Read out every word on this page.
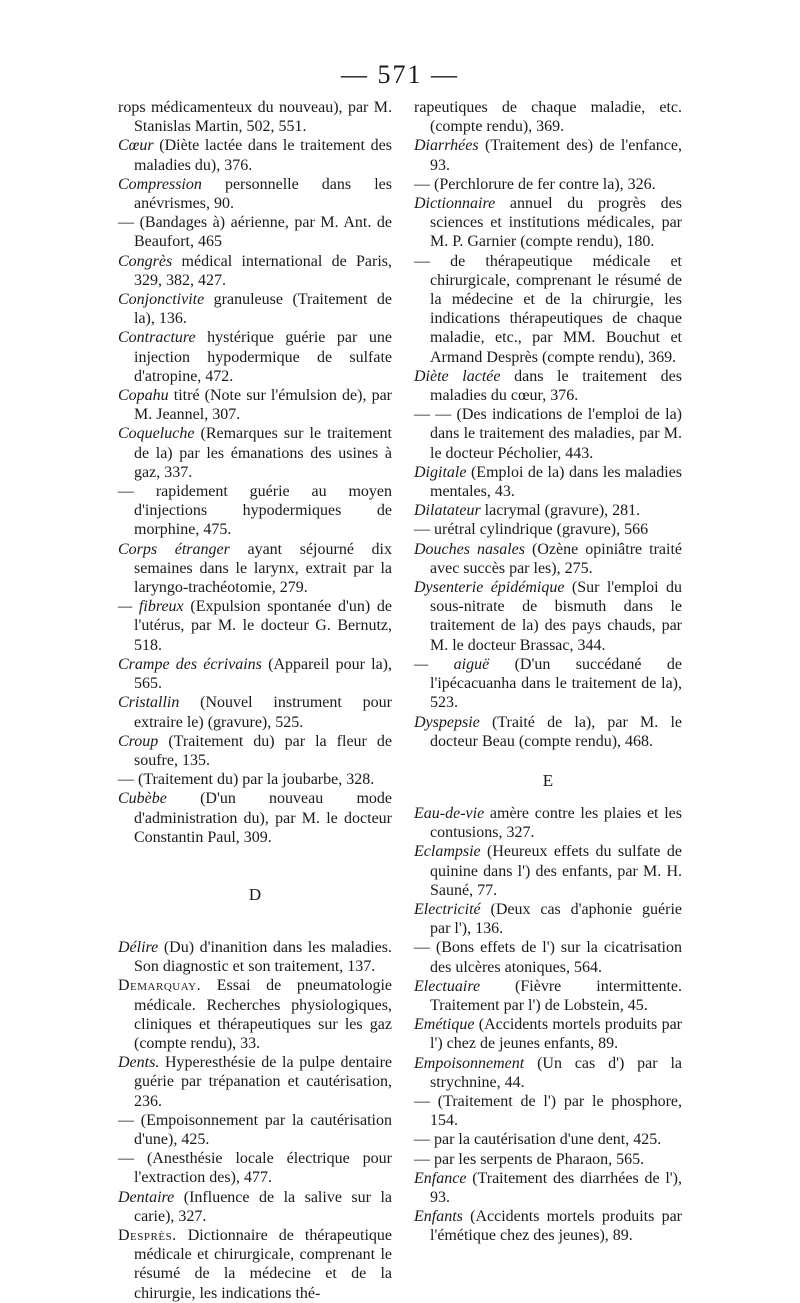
— 571 —

rops médicamenteux du nouveau), par M. Stanislas Martin, 502, 551.

Cœur (Diète lactée dans le traitement des maladies du), 376.

Compression personnelle dans les anévrismes, 90.

— (Bandages à) aérienne, par M. Ant. de Beaufort, 465

Congrès médical international de Paris, 329, 382, 427.

Conjonctivite granuleuse (Traitement de la), 136.

Contracture hystérique guérie par une injection hypodermique de sulfate d'atropine, 472.

Copahu titré (Note sur l'émulsion de), par M. Jeannel, 307.

Coqueluche (Remarques sur le traitement de la) par les émanations des usines à gaz, 337.

— rapidement guérie au moyen d'injections hypodermiques de morphine, 475.

Corps étranger ayant séjourné dix semaines dans le larynx, extrait par la laryngo-trachéotomie, 279.

— fibreux (Expulsion spontanée d'un) de l'utérus, par M. le docteur G. Bernutz, 518.

Crampe des écrivains (Appareil pour la), 565.

Cristallin (Nouvel instrument pour extraire le) (gravure), 525.

Croup (Traitement du) par la fleur de soufre, 135.

— (Traitement du) par la joubarbe, 328.

Cubèbe (D'un nouveau mode d'administration du), par M. le docteur Constantin Paul, 309.

D

Délire (Du) d'inanition dans les maladies. Son diagnostic et son traitement, 137.

Demarquay. Essai de pneumatologie médicale. Recherches physiologiques, cliniques et thérapeutiques sur les gaz (compte rendu), 33.

Dents. Hyperesthésie de la pulpe dentaire guérie par trépanation et cautérisation, 236.

— (Empoisonnement par la cautérisation d'une), 425.

— (Anesthésie locale électrique pour l'extraction des), 477.

Dentaire (Influence de la salive sur la carie), 327.

Desprès. Dictionnaire de thérapeutique médicale et chirurgicale, comprenant le résumé de la médecine et de la chirurgie, les indications thé-

rapeutiques de chaque maladie, etc. (compte rendu), 369.

Diarrhées (Traitement des) de l'enfance, 93.

— (Perchlorure de fer contre la), 326.

Dictionnaire annuel du progrès des sciences et institutions médicales, par M. P. Garnier (compte rendu), 180.

— de thérapeutique médicale et chirurgicale, comprenant le résumé de la médecine et de la chirurgie, les indications thérapeutiques de chaque maladie, etc., par MM. Bouchut et Armand Desprès (compte rendu), 369.

Diète lactée dans le traitement des maladies du cœur, 376.

— — (Des indications de l'emploi de la) dans le traitement des maladies, par M. le docteur Pécholier, 443.

Digitale (Emploi de la) dans les maladies mentales, 43.

Dilatateur lacrymal (gravure), 281.

— urétral cylindrique (gravure), 566

Douches nasales (Ozène opiniâtre traité avec succès par les), 275.

Dysenterie épidémique (Sur l'emploi du sous-nitrate de bismuth dans le traitement de la) des pays chauds, par M. le docteur Brassac, 344.

— aiguë (D'un succédané de l'ipécacuanha dans le traitement de la), 523.

Dyspepsie (Traité de la), par M. le docteur Beau (compte rendu), 468.

E

Eau-de-vie amère contre les plaies et les contusions, 327.

Eclampsie (Heureux effets du sulfate de quinine dans l') des enfants, par M. H. Sauné, 77.

Electricité (Deux cas d'aphonie guérie par l'), 136.

— (Bons effets de l') sur la cicatrisation des ulcères atoniques, 564.

Electuaire (Fièvre intermittente. Traitement par l') de Lobstein, 45.

Emétique (Accidents mortels produits par l') chez de jeunes enfants, 89.

Empoisonnement (Un cas d') par la strychnine, 44.

— (Traitement de l') par le phosphore, 154.

— par la cautérisation d'une dent, 425.

— par les serpents de Pharaon, 565.

Enfance (Traitement des diarrhées de l'), 93.

Enfants (Accidents mortels produits par l'émétique chez des jeunes), 89.
